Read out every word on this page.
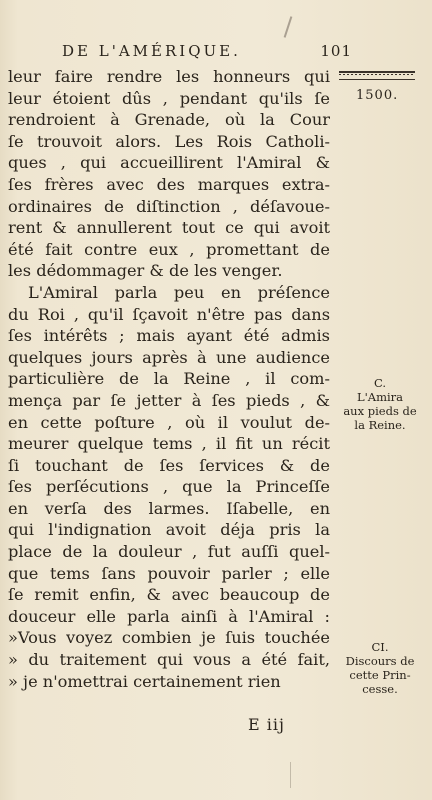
DE L'AMÉRIQUE.	101
1500.
leur faire rendre les honneurs qui
leur étoient dûs , pendant qu'ils ſe
rendroient à Grenade, où la Cour
ſe trouvoit alors. Les Rois Catholi-
ques , qui accueillirent l'Amiral &
ſes frères avec des marques extra-
ordinaires de diſtinction , déſavoue-
rent & annullerent tout ce qui avoit
été fait contre eux , promettant de
les dédommager & de les venger.
L'Amiral parla peu en préſence
du Roi , qu'il ſçavoit n'être pas dans
ſes intérêts ; mais ayant été admis
quelques jours après à une audience
particulière de la Reine , il com-
mença par ſe jetter à ſes pieds , &
en cette poſture , où il voulut de-
meurer quelque tems , il fit un récit
ſi touchant de ſes ſervices & de
ſes perſécutions , que la Princeſſe
en verſa des larmes. Iſabelle, en
qui l'indignation avoit déja pris la
place de la douleur , fut auſſi quel-
que tems ſans pouvoir parler ; elle
ſe remit enfin, & avec beaucoup de
douceur elle parla ainſi à l'Amiral :
»Vous voyez combien je ſuis touchée
» du traitement qui vous a été fait,
» je n'omettrai certainement rien
C.
L'Amira
aux pieds de
la Reine.
CI.
Discours de
cette Prin-
cesse.
E iij
